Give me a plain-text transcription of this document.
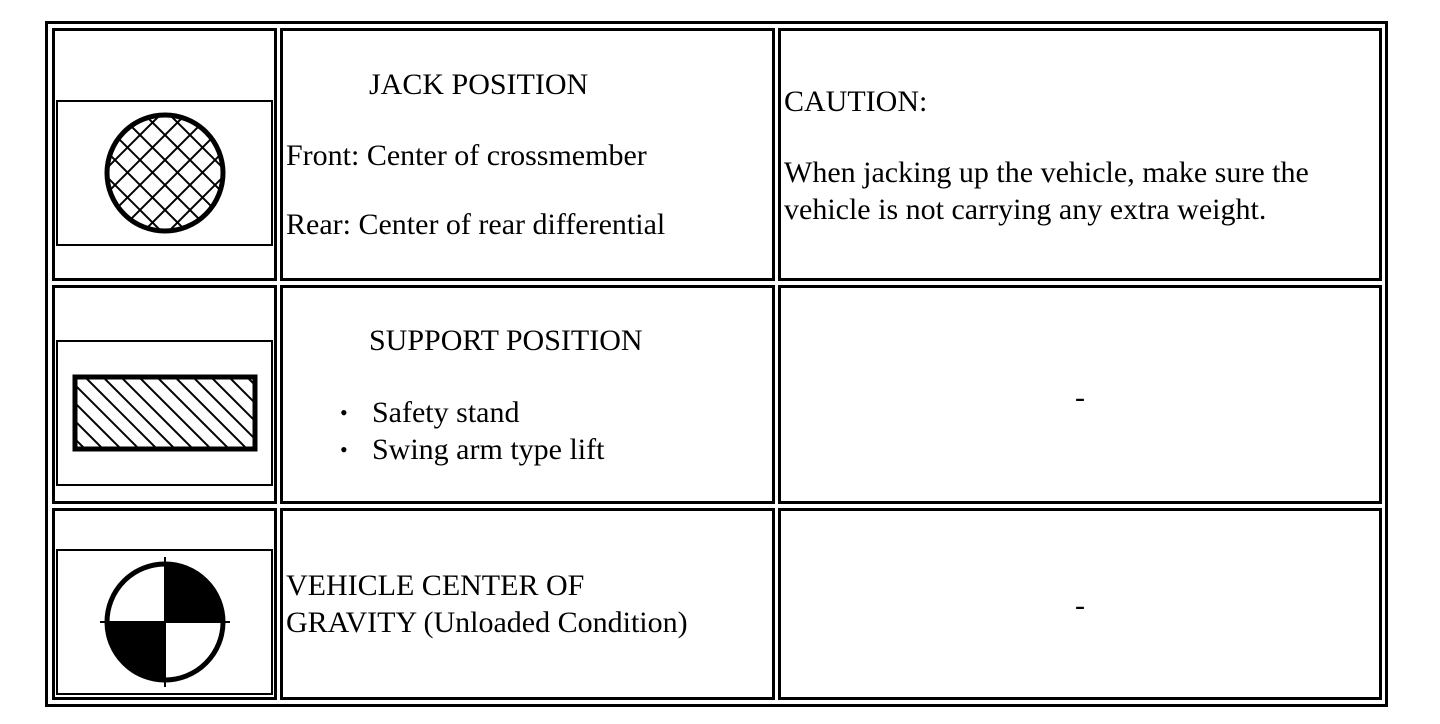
JACK POSITION
Front: Center of crossmember
Rear: Center of rear differential
CAUTION:
When jacking up the vehicle, make sure the
vehicle is not carrying any extra weight.
SUPPORT POSITION
• Safety stand
• Swing arm type lift
-
VEHICLE CENTER OF
GRAVITY (Unloaded Condition)
-
